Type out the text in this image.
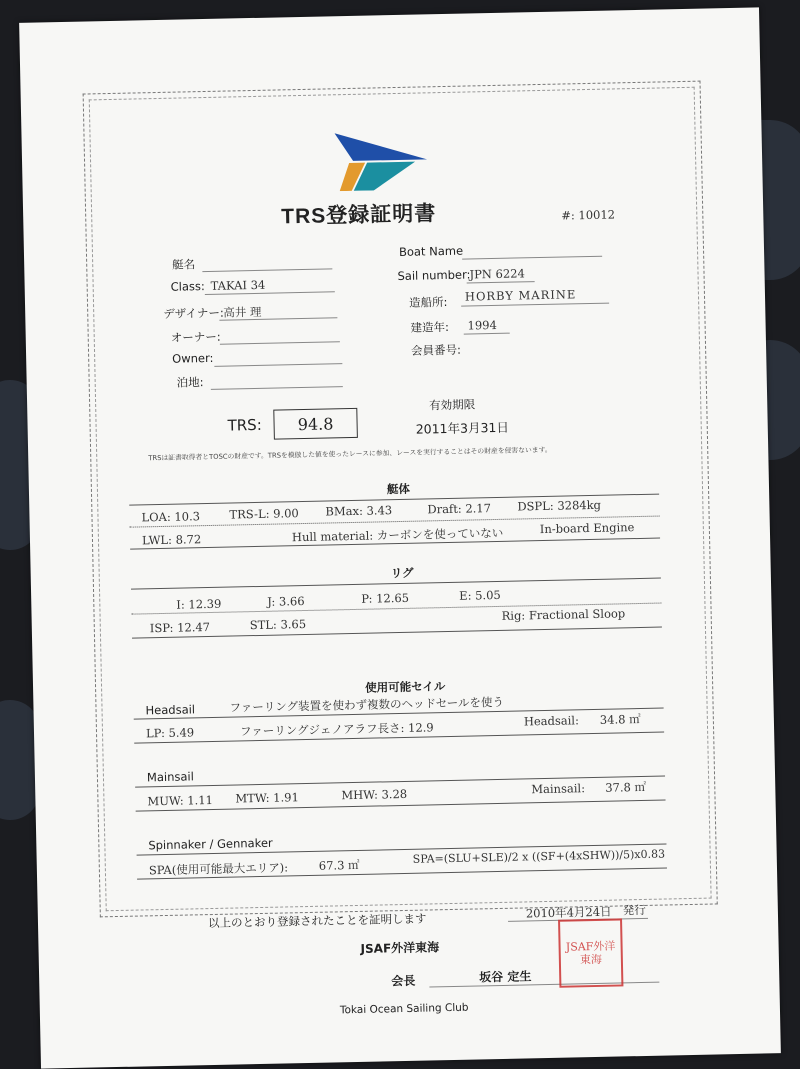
TRS登録証明書	#: 10012
艇名
Class: TAKAI 34
デザイナー: 高井 理
オーナー:
Owner:
泊地:
Boat Name
Sail number:
JPN 6224
造船所: HORBY MARINE
建造年: 1994
会員番号:
TRS:	94.8
有効期限
2011年3月31日
TRSは証書取得者とTOSCの財産です。TRSを模倣した値を使ったレースに参加、レースを実行することはその財産を侵害ないます。
艇体
LOA: 10.3	TRS-L: 9.00 BMax: 3.43	Draft: 2.17 DSPL: 3284kg
LWL: 8.72	Hull material: カーボンを使っていない	In-board Engine
リグ
I: 12.39	J: 3.66	P: 12.65	E: 5.05
ISP: 12.47	STL: 3.65
Rig: Fractional Sloop
使用可能セイル
Headsail	ファーリング装置を使わず複数のヘッドセールを使う
LP: 5.49	ファーリングジェノアラフ長さ: 12.9	Headsail: 34.8 ㎡
Mainsail
MUW: 1.11 MTW: 1.91	MHW: 3.28	Mainsail: 37.8 ㎡
Spinnaker / Gennaker
SPA(使用可能最大エリア):	67.3 ㎡	SPA=(SLU+SLE)/2 x ((SF+(4xSHW))/5)x0.83
以上のとおり登録されたことを証明します	2010年4月24日 発行
JSAF外洋東海
会長	坂谷 定生
Tokai Ocean Sailing Club
JSAF外洋東海
